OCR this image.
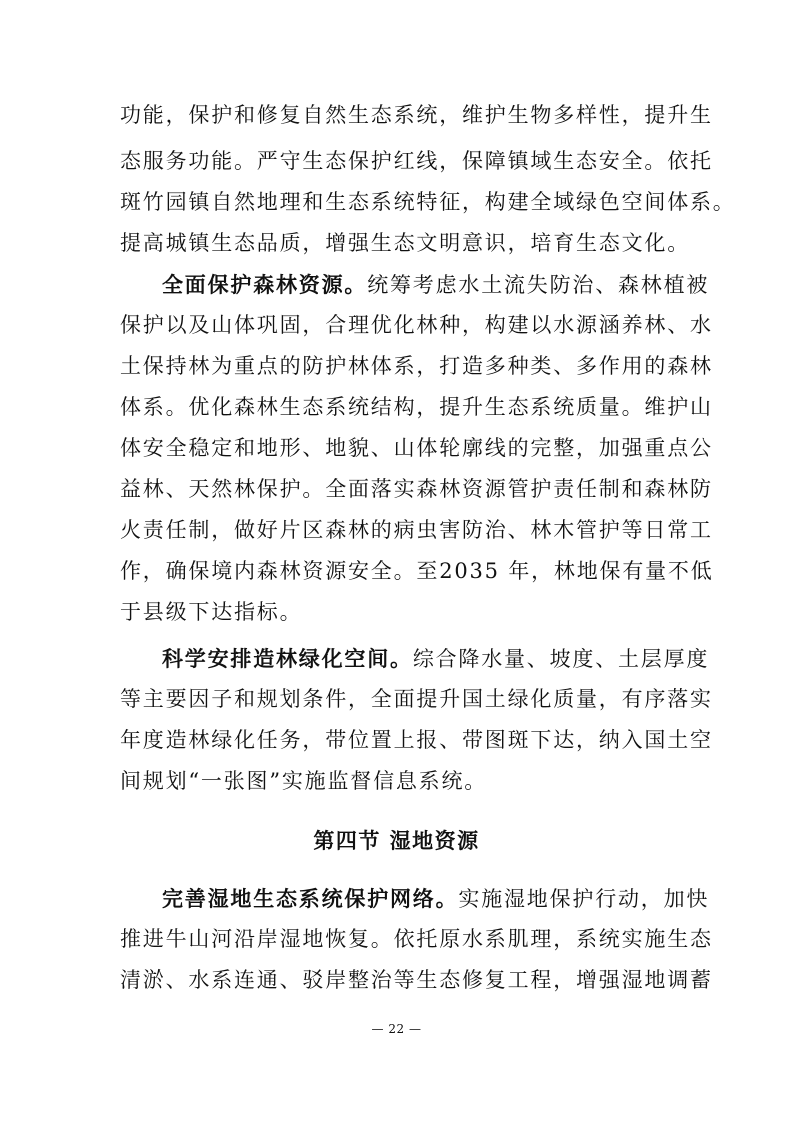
功能，保护和修复自然生态系统，维护生物多样性，提升生
态服务功能。严守生态保护红线，保障镇域生态安全。依托
斑竹园镇自然地理和生态系统特征，构建全域绿色空间体系。
提高城镇生态品质，增强生态文明意识，培育生态文化。
全面保护森林资源。统筹考虑水土流失防治、森林植被
保护以及山体巩固，合理优化林种，构建以水源涵养林、水
土保持林为重点的防护林体系，打造多种类、多作用的森林
体系。优化森林生态系统结构，提升生态系统质量。维护山
体安全稳定和地形、地貌、山体轮廓线的完整，加强重点公
益林、天然林保护。全面落实森林资源管护责任制和森林防
火责任制，做好片区森林的病虫害防治、林木管护等日常工
作，确保境内森林资源安全。至2035 年，林地保有量不低
于县级下达指标。
科学安排造林绿化空间。综合降水量、坡度、土层厚度
等主要因子和规划条件，全面提升国土绿化质量，有序落实
年度造林绿化任务，带位置上报、带图斑下达，纳入国土空
间规划“一张图”实施监督信息系统。
第四节 湿地资源
完善湿地生态系统保护网络。实施湿地保护行动，加快
推进牛山河沿岸湿地恢复。依托原水系肌理，系统实施生态
清淤、水系连通、驳岸整治等生态修复工程，增强湿地调蓄
— 22 —
